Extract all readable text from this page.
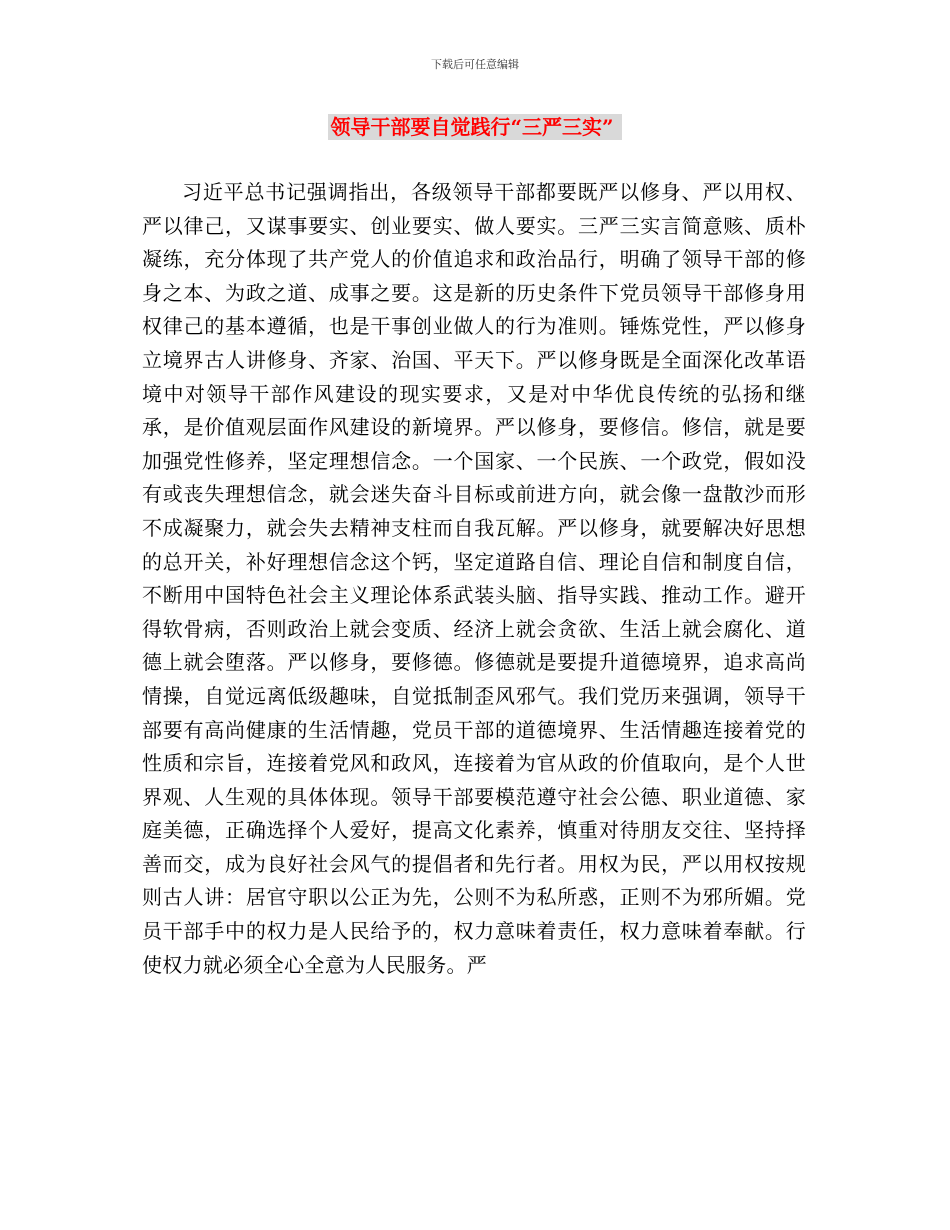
下载后可任意编辑
领导干部要自觉践行“三严三实”

习近平总书记强调指出，各级领导干部都要既严以修身、严以用权、严以律己，又谋事要实、创业要实、做人要实。三严三实言简意赅、质朴凝练，充分体现了共产党人的价值追求和政治品行，明确了领导干部的修身之本、为政之道、成事之要。这是新的历史条件下党员领导干部修身用权律己的基本遵循，也是干事创业做人的行为准则。锤炼党性，严以修身立境界古人讲修身、齐家、治国、平天下。严以修身既是全面深化改革语境中对领导干部作风建设的现实要求，又是对中华优良传统的弘扬和继承，是价值观层面作风建设的新境界。严以修身，要修信。修信，就是要加强党性修养，坚定理想信念。一个国家、一个民族、一个政党，假如没有或丧失理想信念，就会迷失奋斗目标或前进方向，就会像一盘散沙而形不成凝聚力，就会失去精神支柱而自我瓦解。严以修身，就要解决好思想的总开关，补好理想信念这个钙，坚定道路自信、理论自信和制度自信，不断用中国特色社会主义理论体系武装头脑、指导实践、推动工作。避开得软骨病，否则政治上就会变质、经济上就会贪欲、生活上就会腐化、道德上就会堕落。严以修身，要修德。修德就是要提升道德境界，追求高尚情操，自觉远离低级趣味，自觉抵制歪风邪气。我们党历来强调，领导干部要有高尚健康的生活情趣，党员干部的道德境界、生活情趣连接着党的性质和宗旨，连接着党风和政风，连接着为官从政的价值取向，是个人世界观、人生观的具体体现。领导干部要模范遵守社会公德、职业道德、家庭美德，正确选择个人爱好，提高文化素养，慎重对待朋友交往、坚持择善而交，成为良好社会风气的提倡者和先行者。用权为民，严以用权按规则古人讲：居官守职以公正为先，公则不为私所惑，正则不为邪所媚。党员干部手中的权力是人民给予的，权力意味着责任，权力意味着奉献。行使权力就必须全心全意为人民服务。严
